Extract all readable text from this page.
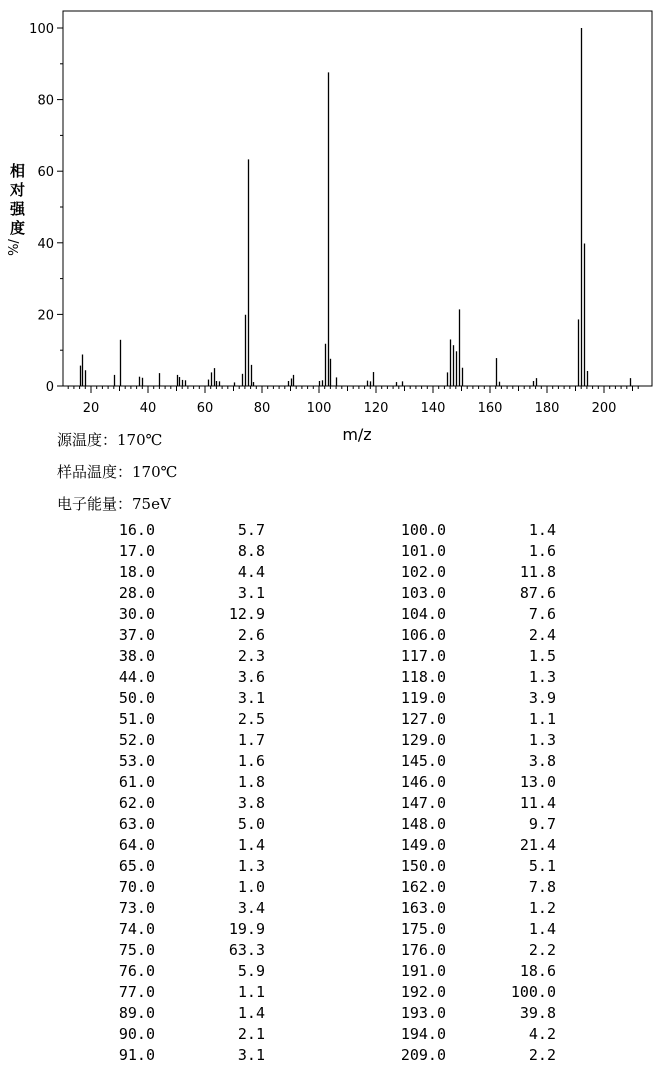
0
20
40
60
80
100
20	40	60	80	100 120 140 160 180 200
m/z
相
对
强
度
%/
源温度：170℃
样品温度：170℃
电子能量：75eV
16.0	5.7	100.0	1.4
17.0	8.8	101.0	1.6
18.0	4.4	102.0	11.8
28.0	3.1	103.0	87.6
30.0	12.9	104.0	7.6
37.0	2.6	106.0	2.4
38.0	2.3	117.0	1.5
44.0	3.6	118.0	1.3
50.0	3.1	119.0	3.9
51.0	2.5	127.0	1.1
52.0	1.7	129.0	1.3
53.0	1.6	145.0	3.8
61.0	1.8	146.0	13.0
62.0	3.8	147.0	11.4
63.0	5.0	148.0	9.7
64.0	1.4	149.0	21.4
65.0	1.3	150.0	5.1
70.0	1.0	162.0	7.8
73.0	3.4	163.0	1.2
74.0	19.9	175.0	1.4
75.0	63.3	176.0	2.2
76.0	5.9	191.0	18.6
77.0	1.1	192.0	100.0
89.0	1.4	193.0	39.8
90.0	2.1	194.0	4.2
91.0	3.1	209.0	2.2
